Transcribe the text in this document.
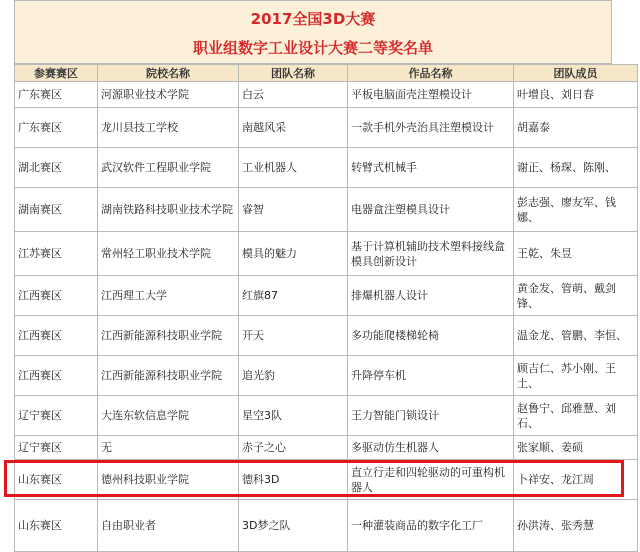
2017全国3D大赛
职业组数字工业设计大赛二等奖名单
参赛赛区	院校名称	团队名称	作品名称	团队成员
广东赛区	河源职业技术学院	白云	平板电脑面壳注塑模设计	叶增良、刘日春
广东赛区	龙川县技工学校	南越风采	一款手机外壳治具注塑模设计	胡嘉泰
湖北赛区	武汉软件工程职业学院	工业机器人	转臂式机械手	谢正、杨琛、陈刚、
湖南赛区	湖南铁路科技职业技术学院	睿智	电器盒注塑模具设计	彭志强、廖友军、钱娜、
江苏赛区	常州轻工职业技术学院	模具的魅力	基于计算机辅助技术塑料接线盒模具创新设计	王乾、朱昱
江西赛区	江西理工大学	红旗87	排爆机器人设计	黄金发、管萌、戴剑锋、
江西赛区	江西新能源科技职业学院	开天	多功能爬楼梯轮椅	温金龙、管鹏、李恒、
江西赛区	江西新能源科技职业学院	追光豹	升降停车机	顾吉仁、苏小刚、王土、
辽宁赛区	大连东软信息学院	星空3队	王力智能门锁设计	赵鲁宁、邱雅慧、刘石、
辽宁赛区	无	赤子之心	多驱动仿生机器人	张家顺、姜硕
山东赛区	德州科技职业学院	德科3D	直立行走和四轮驱动的可重构机器人	卜祥安、龙江周
山东赛区	自由职业者	3D梦之队	一种灌装商品的数字化工厂	孙洪涛、张秀慧
